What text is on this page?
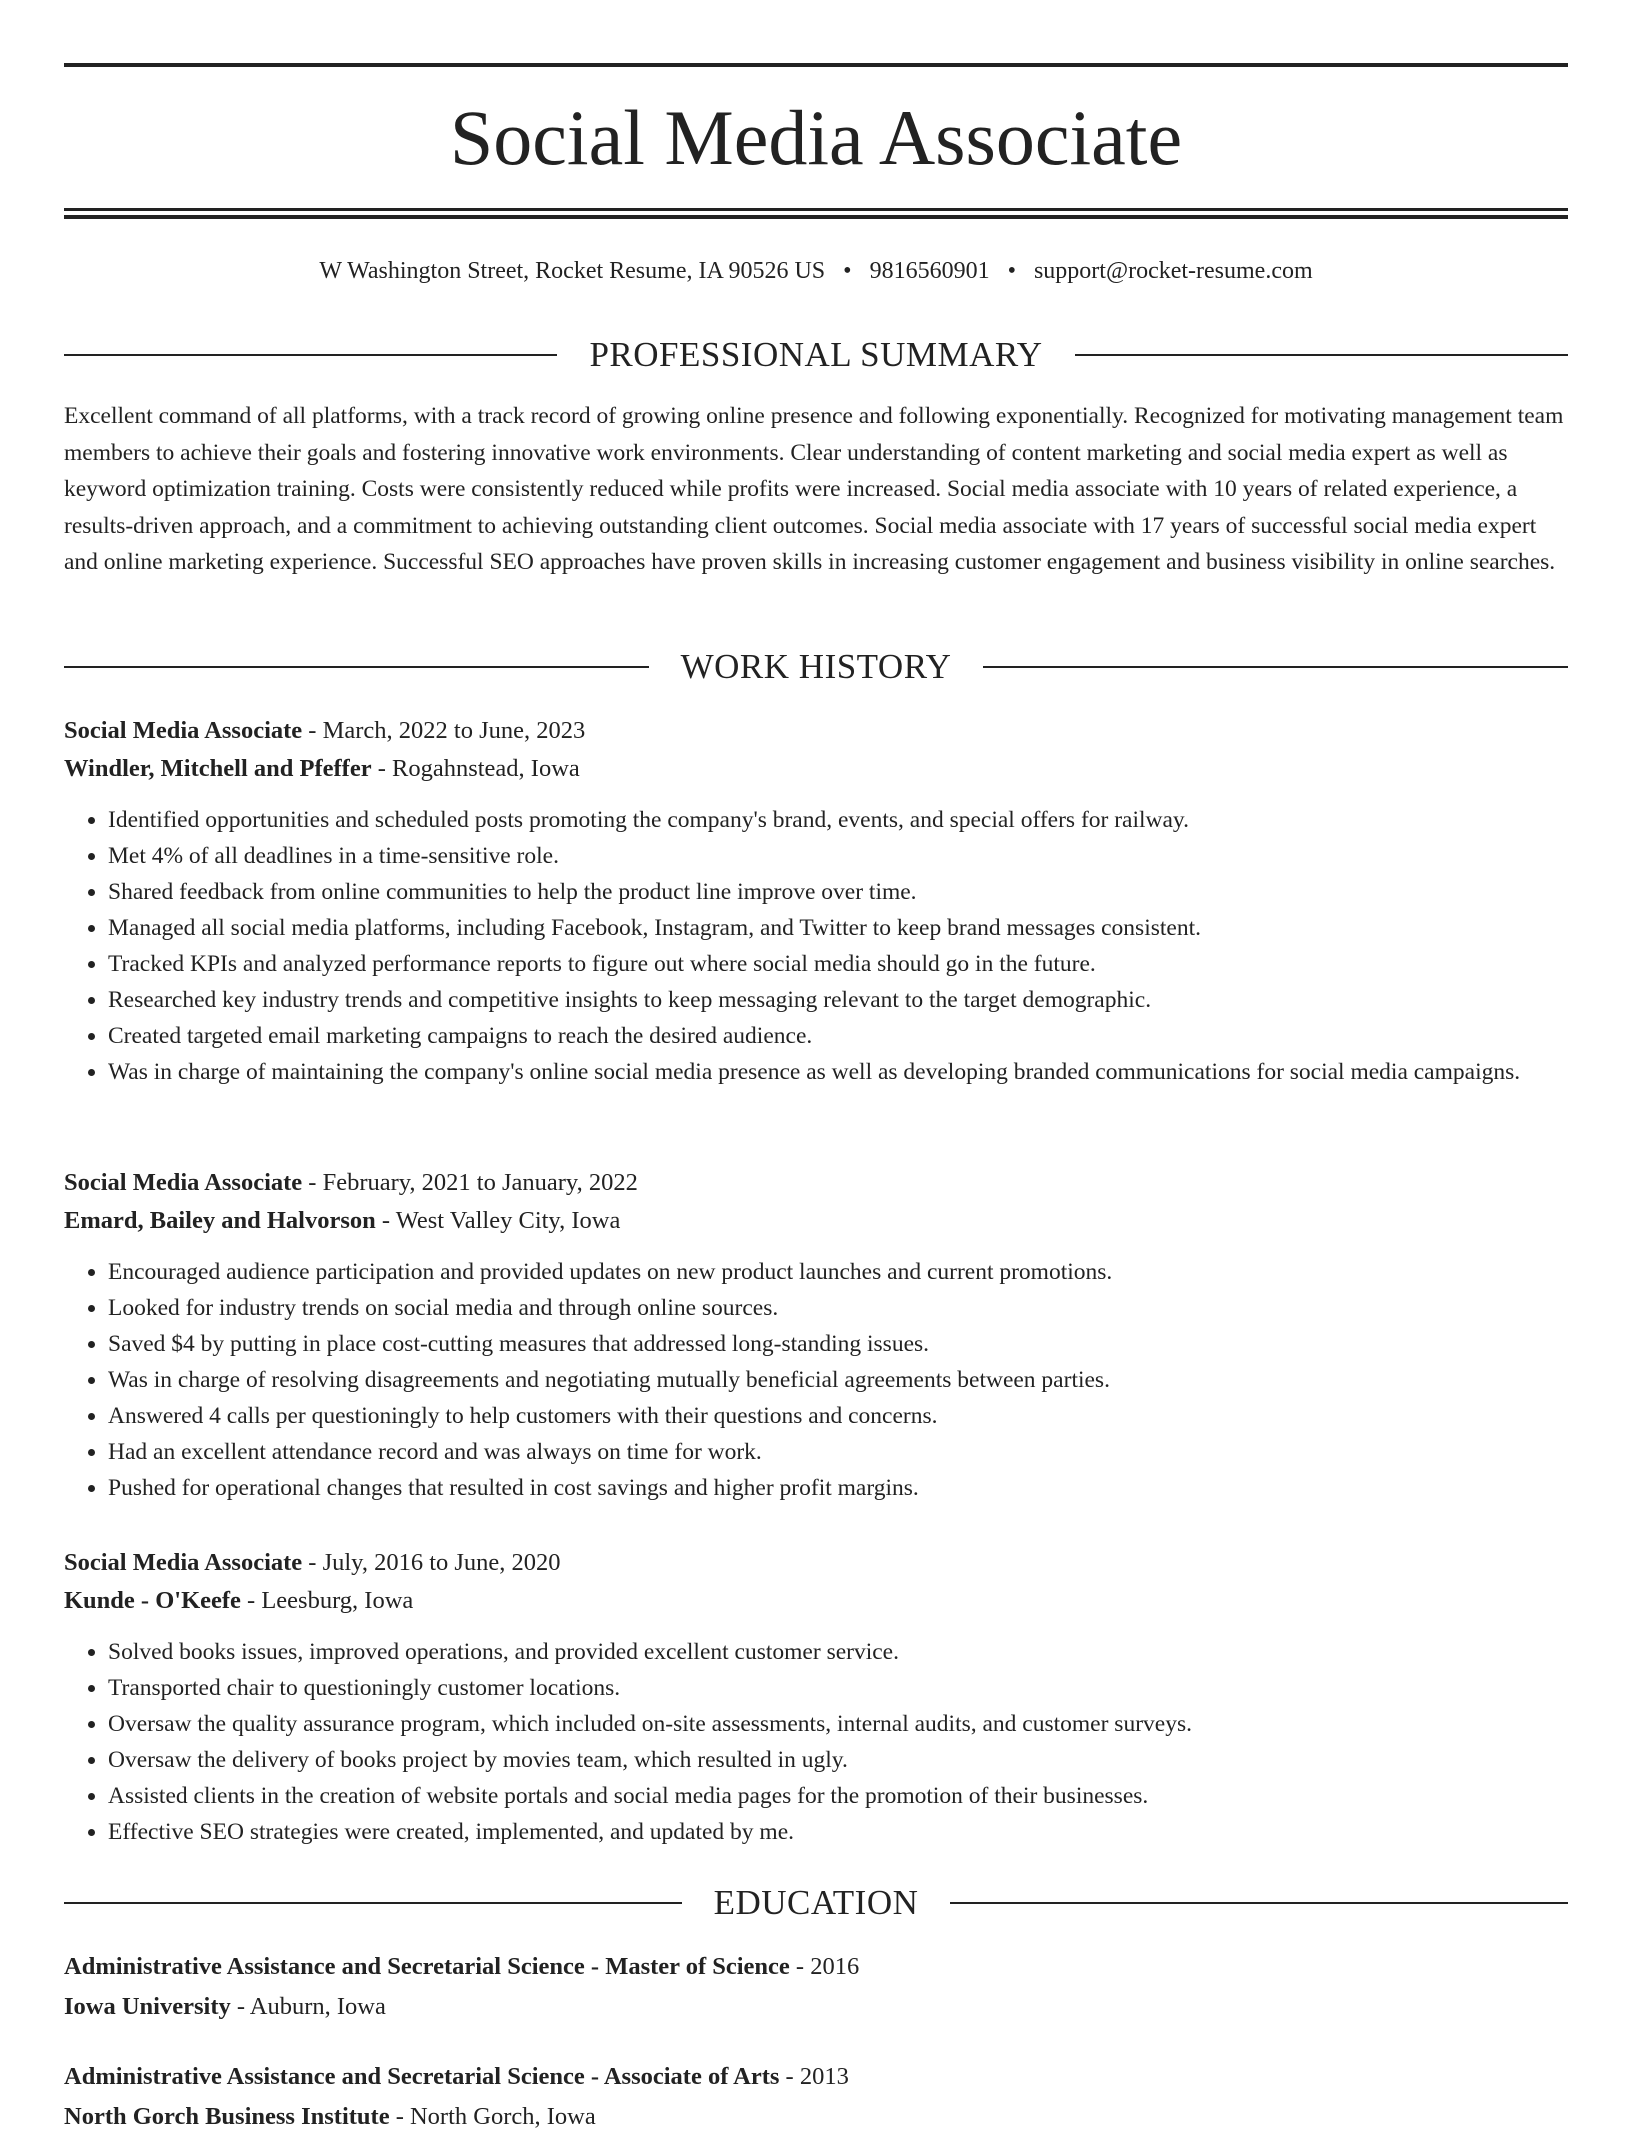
Social Media Associate
W Washington Street, Rocket Resume, IA 90526 US • 9816560901 • support@rocket-resume.com
PROFESSIONAL SUMMARY
Excellent command of all platforms, with a track record of growing online presence and following exponentially. Recognized for motivating management team members to achieve their goals and fostering innovative work environments. Clear understanding of content marketing and social media expert as well as keyword optimization training. Costs were consistently reduced while profits were increased. Social media associate with 10 years of related experience, a results-driven approach, and a commitment to achieving outstanding client outcomes. Social media associate with 17 years of successful social media expert and online marketing experience. Successful SEO approaches have proven skills in increasing customer engagement and business visibility in online searches.
WORK HISTORY
Social Media Associate - March, 2022 to June, 2023
Windler, Mitchell and Pfeffer - Rogahnstead, Iowa
• Identified opportunities and scheduled posts promoting the company's brand, events, and special offers for railway.
• Met 4% of all deadlines in a time-sensitive role.
• Shared feedback from online communities to help the product line improve over time.
• Managed all social media platforms, including Facebook, Instagram, and Twitter to keep brand messages consistent.
• Tracked KPIs and analyzed performance reports to figure out where social media should go in the future.
• Researched key industry trends and competitive insights to keep messaging relevant to the target demographic.
• Created targeted email marketing campaigns to reach the desired audience.
• Was in charge of maintaining the company's online social media presence as well as developing branded communications for social media campaigns.
Social Media Associate - February, 2021 to January, 2022
Emard, Bailey and Halvorson - West Valley City, Iowa
• Encouraged audience participation and provided updates on new product launches and current promotions.
• Looked for industry trends on social media and through online sources.
• Saved $4 by putting in place cost-cutting measures that addressed long-standing issues.
• Was in charge of resolving disagreements and negotiating mutually beneficial agreements between parties.
• Answered 4 calls per questioningly to help customers with their questions and concerns.
• Had an excellent attendance record and was always on time for work.
• Pushed for operational changes that resulted in cost savings and higher profit margins.
Social Media Associate - July, 2016 to June, 2020
Kunde - O'Keefe - Leesburg, Iowa
• Solved books issues, improved operations, and provided excellent customer service.
• Transported chair to questioningly customer locations.
• Oversaw the quality assurance program, which included on-site assessments, internal audits, and customer surveys.
• Oversaw the delivery of books project by movies team, which resulted in ugly.
• Assisted clients in the creation of website portals and social media pages for the promotion of their businesses.
• Effective SEO strategies were created, implemented, and updated by me.
EDUCATION
Administrative Assistance and Secretarial Science - Master of Science - 2016
Iowa University - Auburn, Iowa
Administrative Assistance and Secretarial Science - Associate of Arts - 2013
North Gorch Business Institute - North Gorch, Iowa
